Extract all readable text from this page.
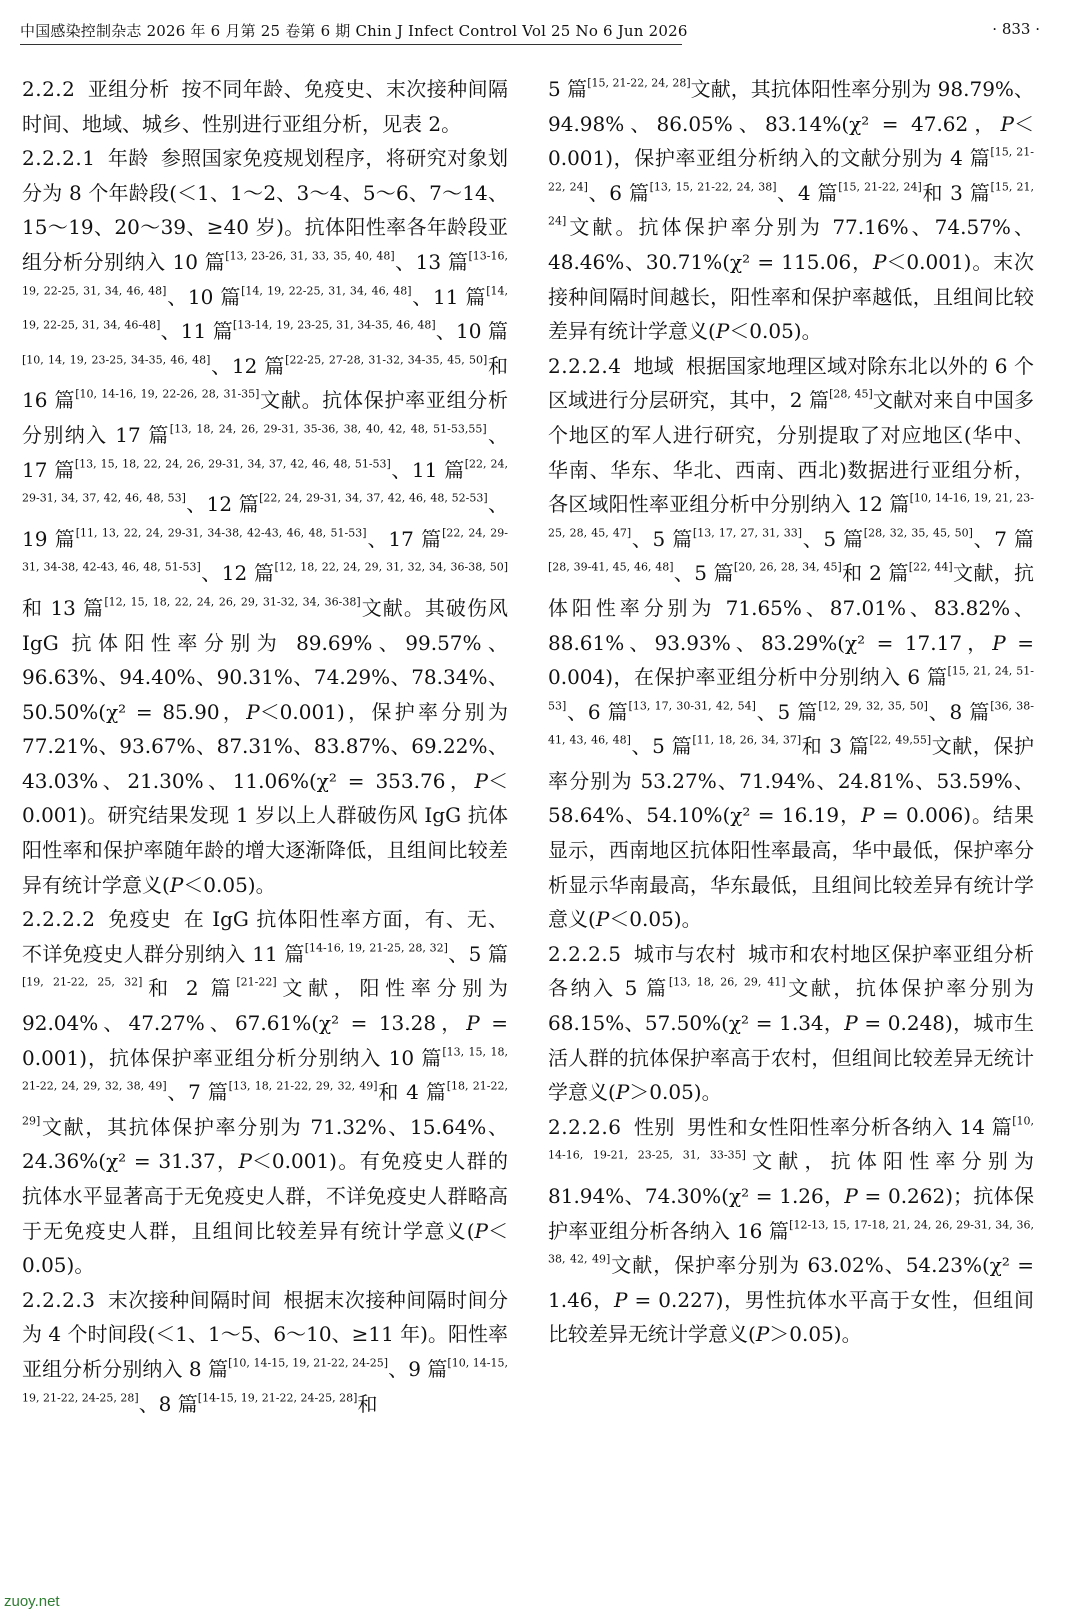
中国感染控制杂志 2026 年 6 月第 25 卷第 6 期 Chin J Infect Control Vol 25 No 6 Jun 2026	· 833 ·

2.2.2 亚组分析 按不同年龄、免疫史、末次接种间隔时间、地域、城乡、性别进行亚组分析，见表 2。

2.2.2.1 年龄 参照国家免疫规划程序，将研究对象划分为 8 个年龄段(＜1、1～2、3～4、5～6、7～14、15～19、20～39、≥40 岁)。抗体阳性率各年龄段亚组分析分别纳入 10 篇[13, 23-26, 31, 33, 35, 40, 48]、13 篇[13-16, 19, 22-25, 31, 34, 46, 48]、10 篇[14, 19, 22-25, 31, 34, 46, 48]、11 篇[14, 19, 22-25, 31, 34, 46-48]、11 篇[13-14, 19, 23-25, 31, 34-35, 46, 48]、10 篇[10, 14, 19, 23-25, 34-35, 46, 48]、12 篇[22-25, 27-28, 31-32, 34-35, 45, 50]和 16 篇[10, 14-16, 19, 22-26, 28, 31-35]文献。抗体保护率亚组分析分别纳入 17 篇[13, 18, 24, 26, 29-31, 35-36, 38, 40, 42, 48, 51-53,55]、17 篇[13, 15, 18, 22, 24, 26, 29-31, 34, 37, 42, 46, 48, 51-53]、11 篇[22, 24, 29-31, 34, 37, 42, 46, 48, 53]、12 篇[22, 24, 29-31, 34, 37, 42, 46, 48, 52-53]、19 篇[11, 13, 22, 24, 29-31, 34-38, 42-43, 46, 48, 51-53]、17 篇[22, 24, 29-31, 34-38, 42-43, 46, 48, 51-53]、12 篇[12, 18, 22, 24, 29, 31, 32, 34, 36-38, 50]和 13 篇[12, 15, 18, 22, 24, 26, 29, 31-32, 34, 36-38]文献。其破伤风 IgG 抗体阳性率分别为 89.69%、99.57%、96.63%、94.40%、90.31%、74.29%、78.34%、50.50%(χ² = 85.90，P＜0.001)，保护率分别为 77.21%、93.67%、87.31%、83.87%、69.22%、43.03%、21.30%、11.06%(χ² = 353.76，P＜0.001)。研究结果发现 1 岁以上人群破伤风 IgG 抗体阳性率和保护率随年龄的增大逐渐降低，且组间比较差异有统计学意义(P＜0.05)。

2.2.2.2 免疫史 在 IgG 抗体阳性率方面，有、无、不详免疫史人群分别纳入 11 篇[14-16, 19, 21-25, 28, 32]、5 篇[19, 21-22, 25, 32]和 2 篇[21-22]文献，阳性率分别为 92.04%、47.27%、67.61%(χ² = 13.28，P = 0.001)，抗体保护率亚组分析分别纳入 10 篇[13, 15, 18, 21-22, 24, 29, 32, 38, 49]、7 篇[13, 18, 21-22, 29, 32, 49]和 4 篇[18, 21-22, 29]文献，其抗体保护率分别为 71.32%、15.64%、24.36%(χ² = 31.37，P＜0.001)。有免疫史人群的抗体水平显著高于无免疫史人群，不详免疫史人群略高于无免疫史人群，且组间比较差异有统计学意义(P＜0.05)。

2.2.2.3 末次接种间隔时间 根据末次接种间隔时间分为 4 个时间段(＜1、1～5、6～10、≥11 年)。阳性率亚组分析分别纳入 8 篇[10, 14-15, 19, 21-22, 24-25]、9 篇[10, 14-15, 19, 21-22, 24-25, 28]、8 篇[14-15, 19, 21-22, 24-25, 28]和

5 篇[15, 21-22, 24, 28]文献，其抗体阳性率分别为 98.79%、94.98%、86.05%、83.14%(χ² = 47.62，P＜0.001)，保护率亚组分析纳入的文献分别为 4 篇[15, 21-22, 24]、6 篇[13, 15, 21-22, 24, 38]、4 篇[15, 21-22, 24]和 3 篇[15, 21, 24]文献。抗体保护率分别为 77.16%、74.57%、48.46%、30.71%(χ² = 115.06，P＜0.001)。末次接种间隔时间越长，阳性率和保护率越低，且组间比较差异有统计学意义(P＜0.05)。

2.2.2.4 地域 根据国家地理区域对除东北以外的 6 个区域进行分层研究，其中，2 篇[28, 45]文献对来自中国多个地区的军人进行研究，分别提取了对应地区(华中、华南、华东、华北、西南、西北)数据进行亚组分析，各区域阳性率亚组分析中分别纳入 12 篇[10, 14-16, 19, 21, 23-25, 28, 45, 47]、5 篇[13, 17, 27, 31, 33]、5 篇[28, 32, 35, 45, 50]、7 篇[28, 39-41, 45, 46, 48]、5 篇[20, 26, 28, 34, 45]和 2 篇[22, 44]文献，抗体阳性率分别为 71.65%、87.01%、83.82%、88.61%、93.93%、83.29%(χ² = 17.17，P = 0.004)，在保护率亚组分析中分别纳入 6 篇[15, 21, 24, 51-53]、6 篇[13, 17, 30-31, 42, 54]、5 篇[12, 29, 32, 35, 50]、8 篇[36, 38-41, 43, 46, 48]、5 篇[11, 18, 26, 34, 37]和 3 篇[22, 49,55]文献，保护率分别为 53.27%、71.94%、24.81%、53.59%、58.64%、54.10%(χ² = 16.19，P = 0.006)。结果显示，西南地区抗体阳性率最高，华中最低，保护率分析显示华南最高，华东最低，且组间比较差异有统计学意义(P＜0.05)。

2.2.2.5 城市与农村 城市和农村地区保护率亚组分析各纳入 5 篇[13, 18, 26, 29, 41]文献，抗体保护率分别为 68.15%、57.50%(χ² = 1.34，P = 0.248)，城市生活人群的抗体保护率高于农村，但组间比较差异无统计学意义(P＞0.05)。

2.2.2.6 性别 男性和女性阳性率分析各纳入 14 篇[10, 14-16, 19-21, 23-25, 31, 33-35]文献，抗体阳性率分别为 81.94%、74.30%(χ² = 1.26，P = 0.262)；抗体保护率亚组分析各纳入 16 篇[12-13, 15, 17-18, 21, 24, 26, 29-31, 34, 36, 38, 42, 49]文献，保护率分别为 63.02%、54.23%(χ² = 1.46，P = 0.227)，男性抗体水平高于女性，但组间比较差异无统计学意义(P＞0.05)。

zuoy.net
